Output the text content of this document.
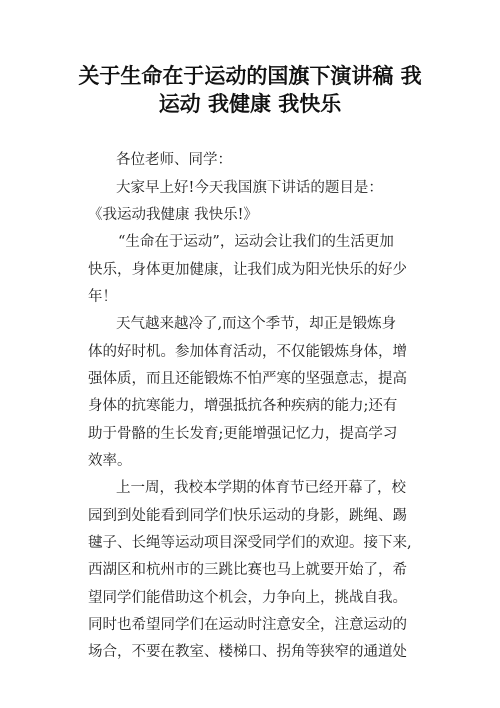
关于生命在于运动的国旗下演讲稿 我
运动 我健康 我快乐
各位老师、同学：
大家早上好!今天我国旗下讲话的题目是：
《我运动我健康 我快乐!》
“生命在于运动”，运动会让我们的生活更加
快乐，身体更加健康，让我们成为阳光快乐的好少
年！
天气越来越冷了,而这个季节，却正是锻炼身
体的好时机。参加体育活动，不仅能锻炼身体，增
强体质，而且还能锻炼不怕严寒的坚强意志，提高
身体的抗寒能力，增强抵抗各种疾病的能力;还有
助于骨骼的生长发育;更能增强记忆力，提高学习
效率。
上一周，我校本学期的体育节已经开幕了，校
园到到处能看到同学们快乐运动的身影，跳绳、踢
毽子、长绳等运动项目深受同学们的欢迎。接下来,
西湖区和杭州市的三跳比赛也马上就要开始了，希
望同学们能借助这个机会，力争向上，挑战自我。
同时也希望同学们在运动时注意安全，注意运动的
场合，不要在教室、楼梯口、拐角等狭窄的通道处
